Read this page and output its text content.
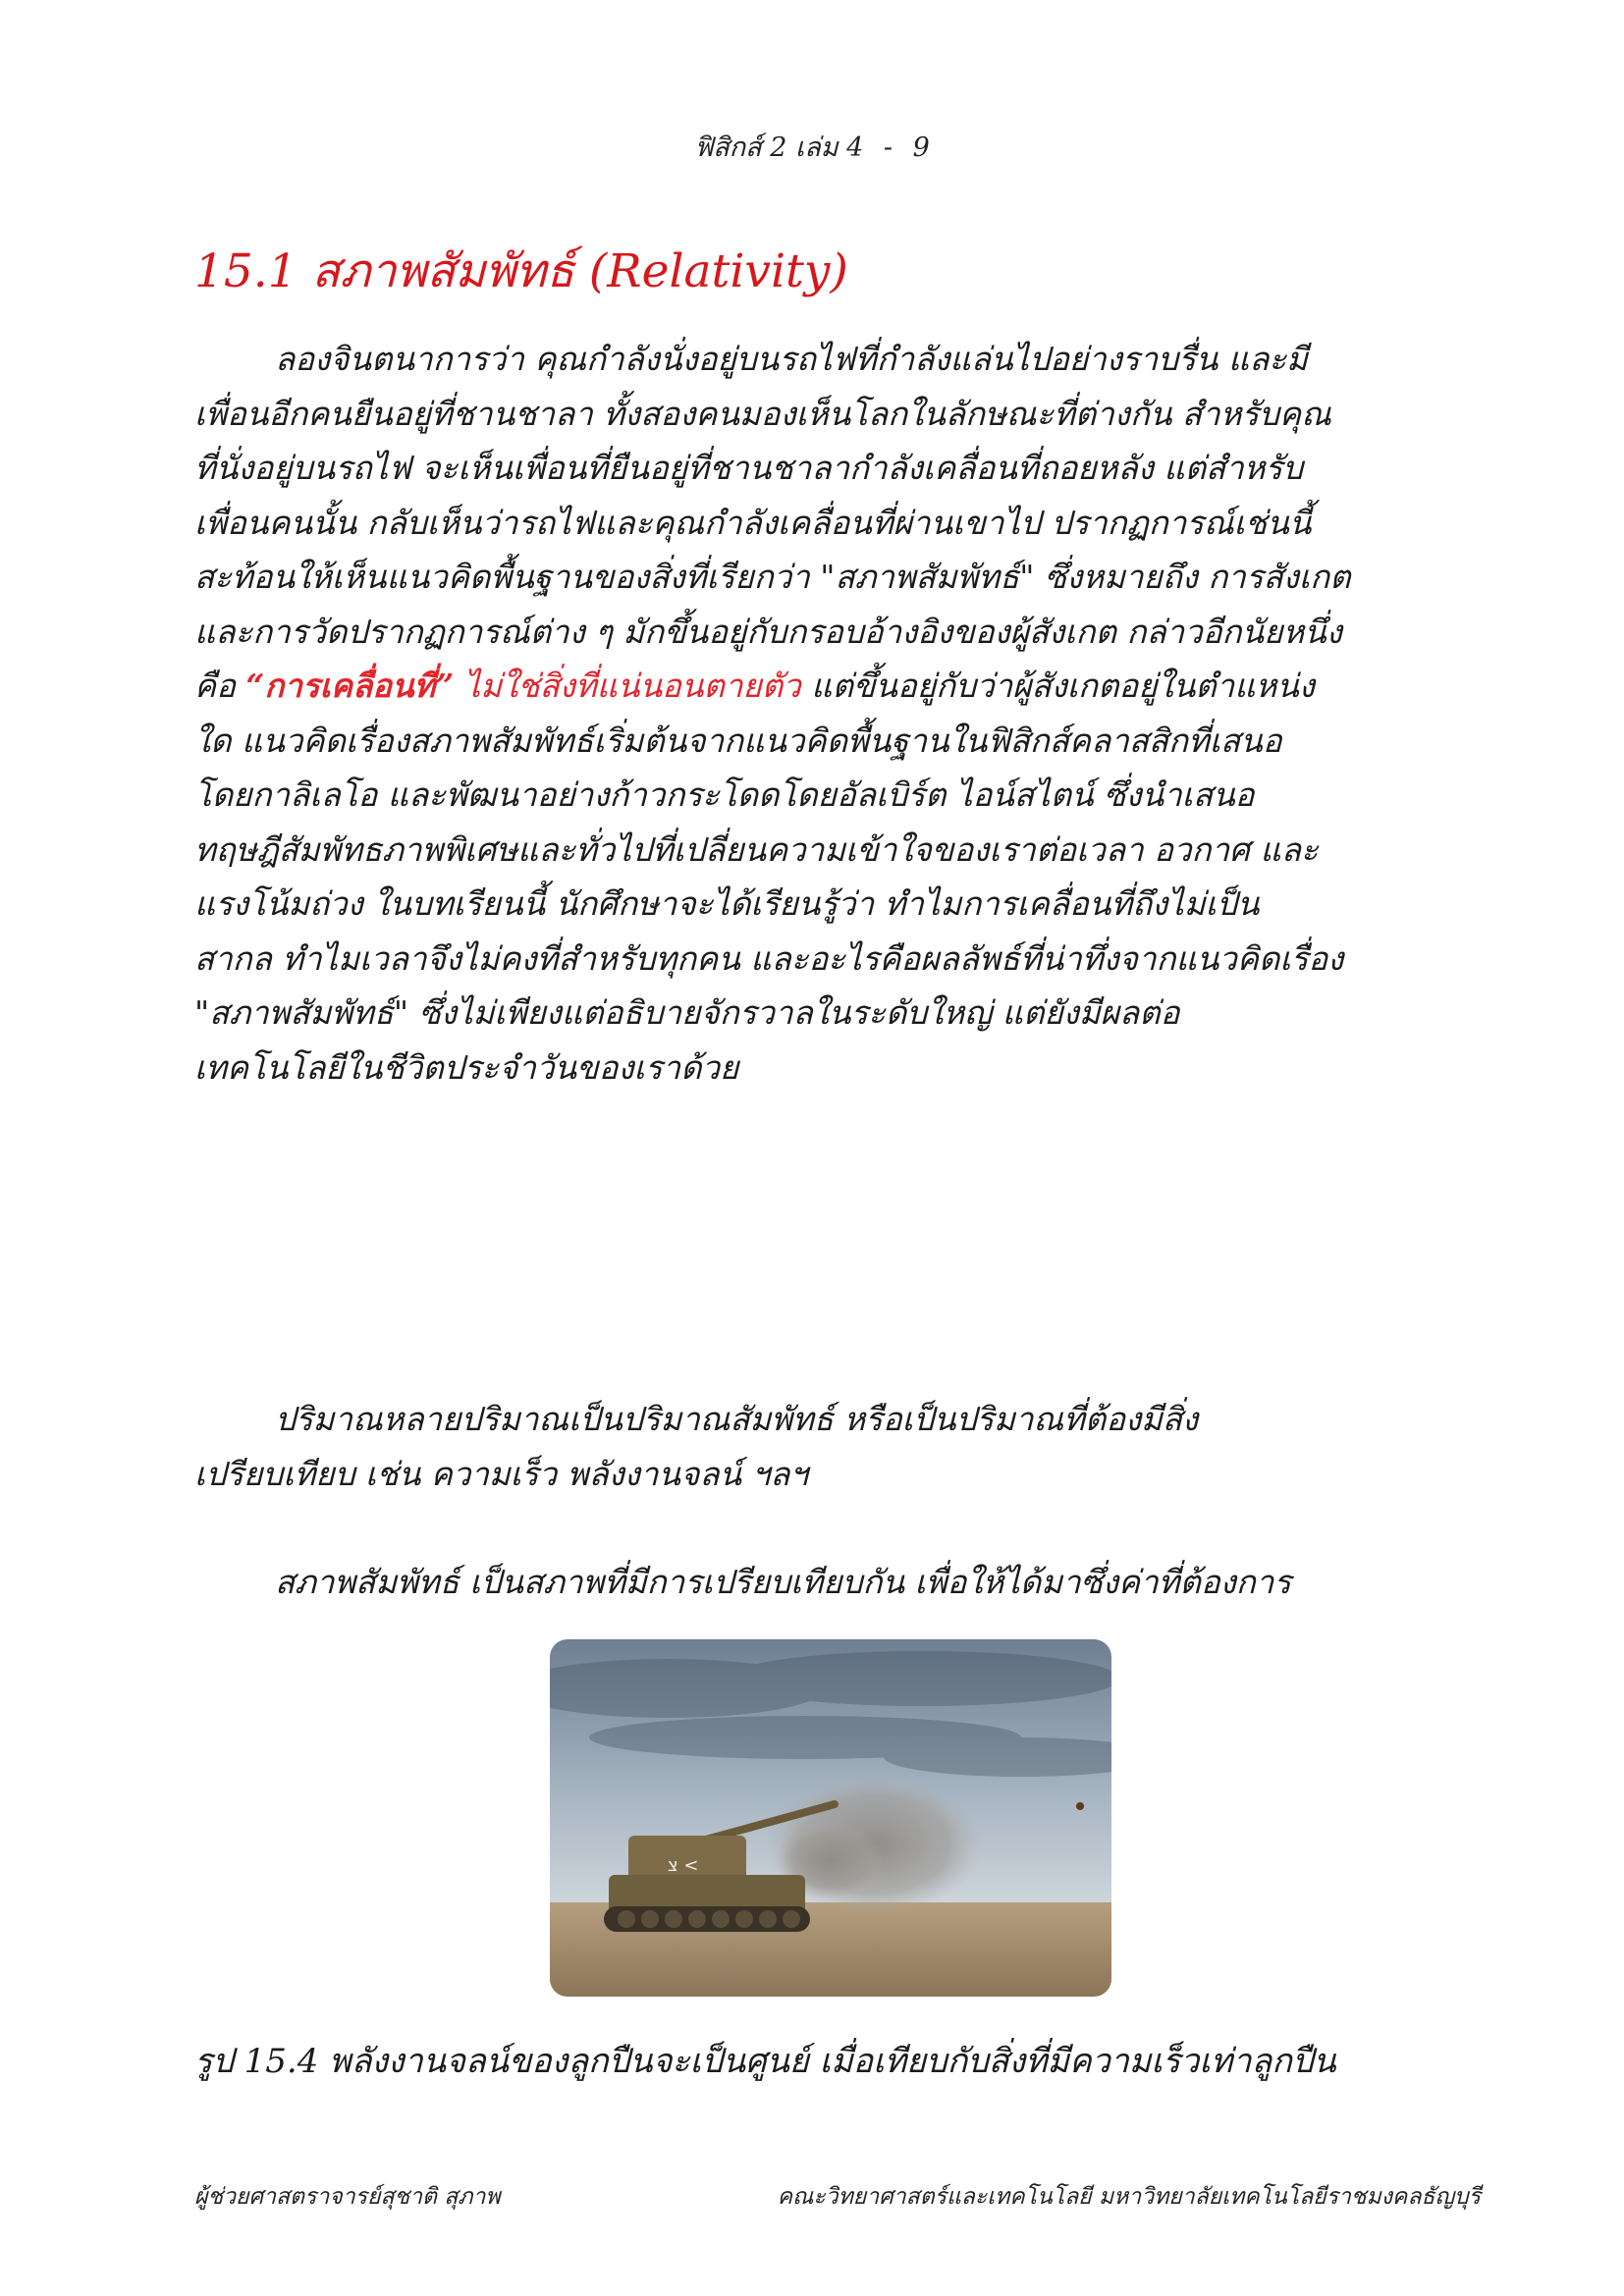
ฟิสิกส์ 2 เล่ม 4 - 9
15.1 สภาพสัมพัทธ์ (Relativity)
ลองจินตนาการว่า คุณกำลังนั่งอยู่บนรถไฟที่กำลังแล่นไปอย่างราบรื่น และมี
เพื่อนอีกคนยืนอยู่ที่ชานชาลา ทั้งสองคนมองเห็นโลกในลักษณะที่ต่างกัน สำหรับคุณ
ที่นั่งอยู่บนรถไฟ จะเห็นเพื่อนที่ยืนอยู่ที่ชานชาลากำลังเคลื่อนที่ถอยหลัง แต่สำหรับ
เพื่อนคนนั้น กลับเห็นว่ารถไฟและคุณกำลังเคลื่อนที่ผ่านเขาไป ปรากฏการณ์เช่นนี้
สะท้อนให้เห็นแนวคิดพื้นฐานของสิ่งที่เรียกว่า "สภาพสัมพัทธ์" ซึ่งหมายถึง การสังเกต
และการวัดปรากฏการณ์ต่าง ๆ มักขึ้นอยู่กับกรอบอ้างอิงของผู้สังเกต กล่าวอีกนัยหนึ่ง
คือ “การเคลื่อนที่” ไม่ใช่สิ่งที่แน่นอนตายตัว แต่ขึ้นอยู่กับว่าผู้สังเกตอยู่ในตำแหน่ง
ใด แนวคิดเรื่องสภาพสัมพัทธ์เริ่มต้นจากแนวคิดพื้นฐานในฟิสิกส์คลาสสิกที่เสนอ
โดยกาลิเลโอ และพัฒนาอย่างก้าวกระโดดโดยอัลเบิร์ต ไอน์สไตน์ ซึ่งนำเสนอ
ทฤษฎีสัมพัทธภาพพิเศษและทั่วไปที่เปลี่ยนความเข้าใจของเราต่อเวลา อวกาศ และ
แรงโน้มถ่วง ในบทเรียนนี้ นักศึกษาจะได้เรียนรู้ว่า ทำไมการเคลื่อนที่ถึงไม่เป็น
สากล ทำไมเวลาจึงไม่คงที่สำหรับทุกคน และอะไรคือผลลัพธ์ที่น่าทึ่งจากแนวคิดเรื่อง
"สภาพสัมพัทธ์" ซึ่งไม่เพียงแต่อธิบายจักรวาลในระดับใหญ่ แต่ยังมีผลต่อ
เทคโนโลยีในชีวิตประจำวันของเราด้วย
ปริมาณหลายปริมาณเป็นปริมาณสัมพัทธ์ หรือเป็นปริมาณที่ต้องมีสิ่ง
เปรียบเทียบ เช่น ความเร็ว พลังงานจลน์ ฯลฯ
สภาพสัมพัทธ์ เป็นสภาพที่มีการเปรียบเทียบกัน เพื่อให้ได้มาซึ่งค่าที่ต้องการ
צ <
รูป 15.4 พลังงานจลน์ของลูกปืนจะเป็นศูนย์ เมื่อเทียบกับสิ่งที่มีความเร็วเท่าลูกปืน
ผู้ช่วยศาสตราจารย์สุชาติ สุภาพ	คณะวิทยาศาสตร์และเทคโนโลยี มหาวิทยาลัยเทคโนโลยีราชมงคลธัญบุรี
